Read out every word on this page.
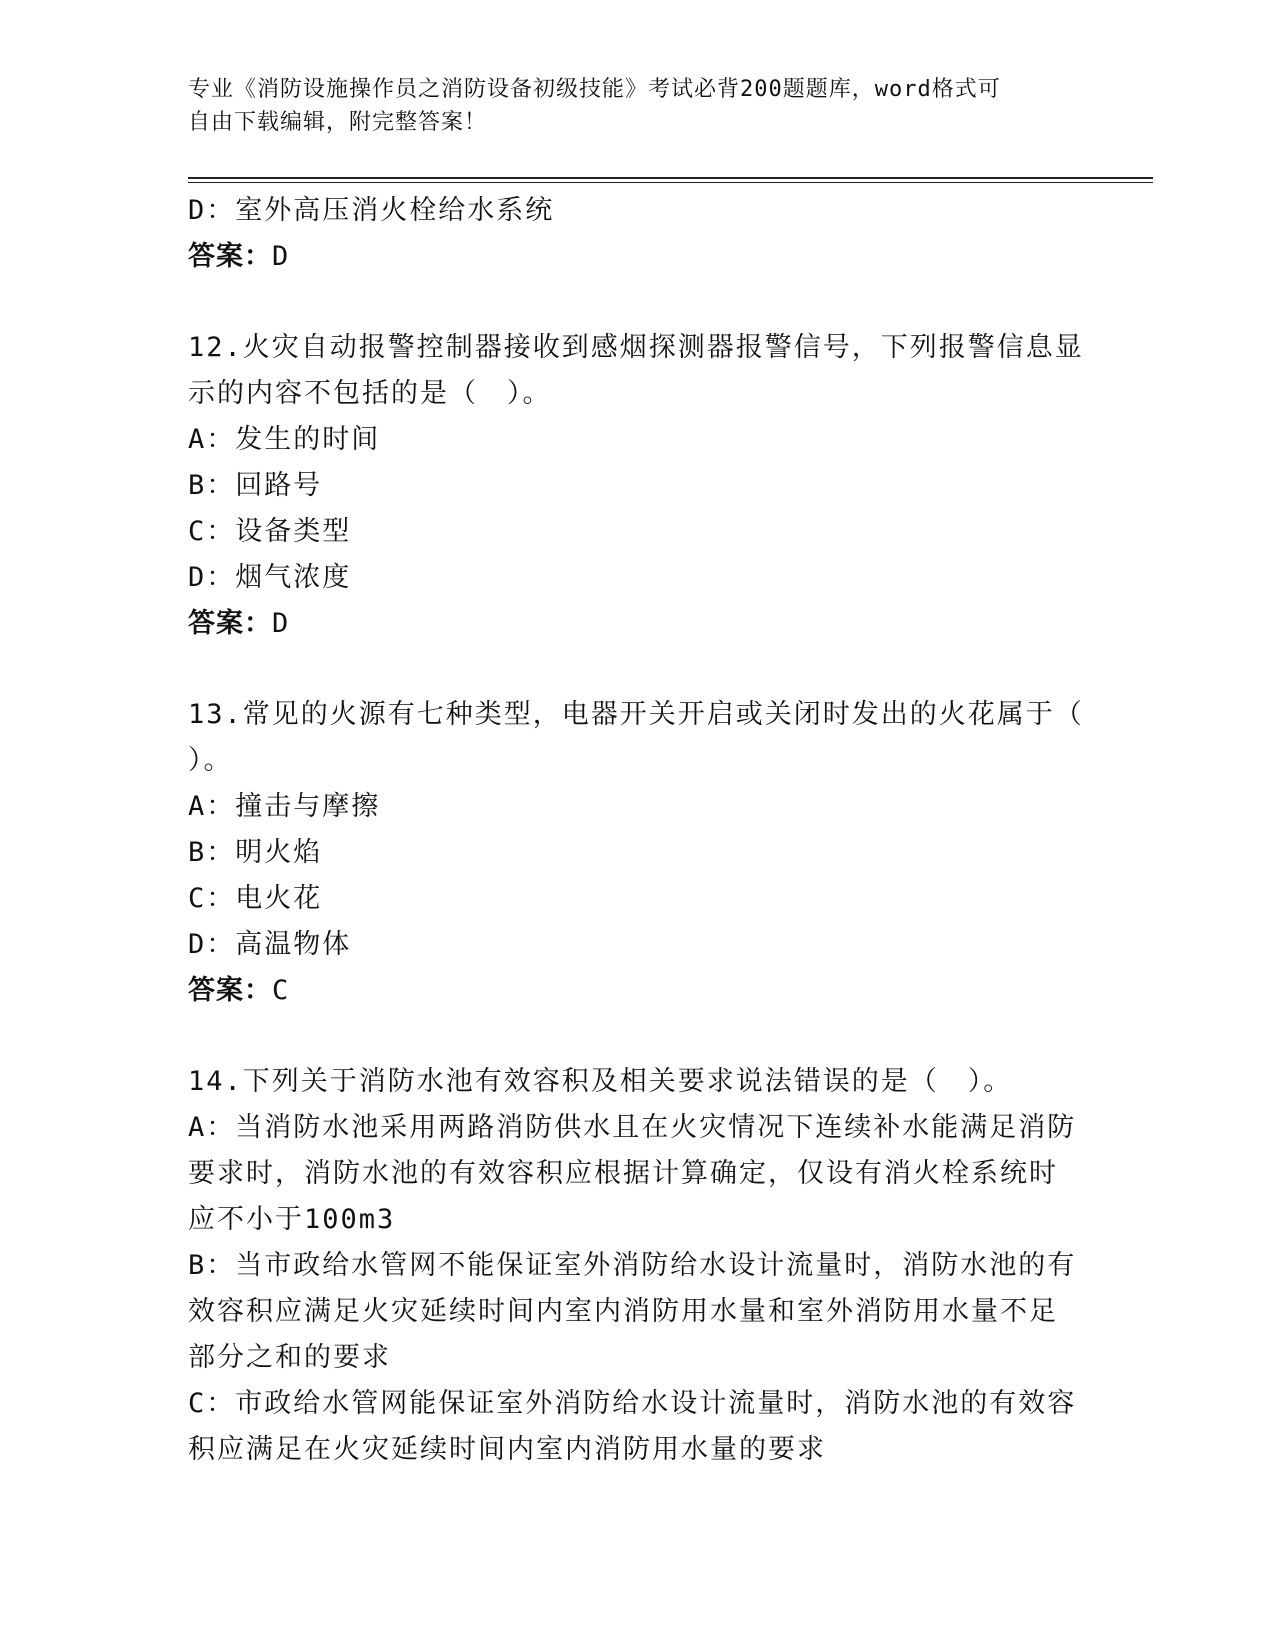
专业《消防设施操作员之消防设备初级技能》考试必背200题题库，word格式可
自由下载编辑，附完整答案！
D：室外高压消火栓给水系统
答案：D
12.火灾自动报警控制器接收到感烟探测器报警信号，下列报警信息显
示的内容不包括的是（　）。
A：发生的时间
B：回路号
C：设备类型
D：烟气浓度
答案：D
13.常见的火源有七种类型，电器开关开启或关闭时发出的火花属于（
）。
A：撞击与摩擦
B：明火焰
C：电火花
D：高温物体
答案：C
14.下列关于消防水池有效容积及相关要求说法错误的是（　）。
A：当消防水池采用两路消防供水且在火灾情况下连续补水能满足消防
要求时，消防水池的有效容积应根据计算确定，仅设有消火栓系统时
应不小于100m3
B：当市政给水管网不能保证室外消防给水设计流量时，消防水池的有
效容积应满足火灾延续时间内室内消防用水量和室外消防用水量不足
部分之和的要求
C：市政给水管网能保证室外消防给水设计流量时，消防水池的有效容
积应满足在火灾延续时间内室内消防用水量的要求
